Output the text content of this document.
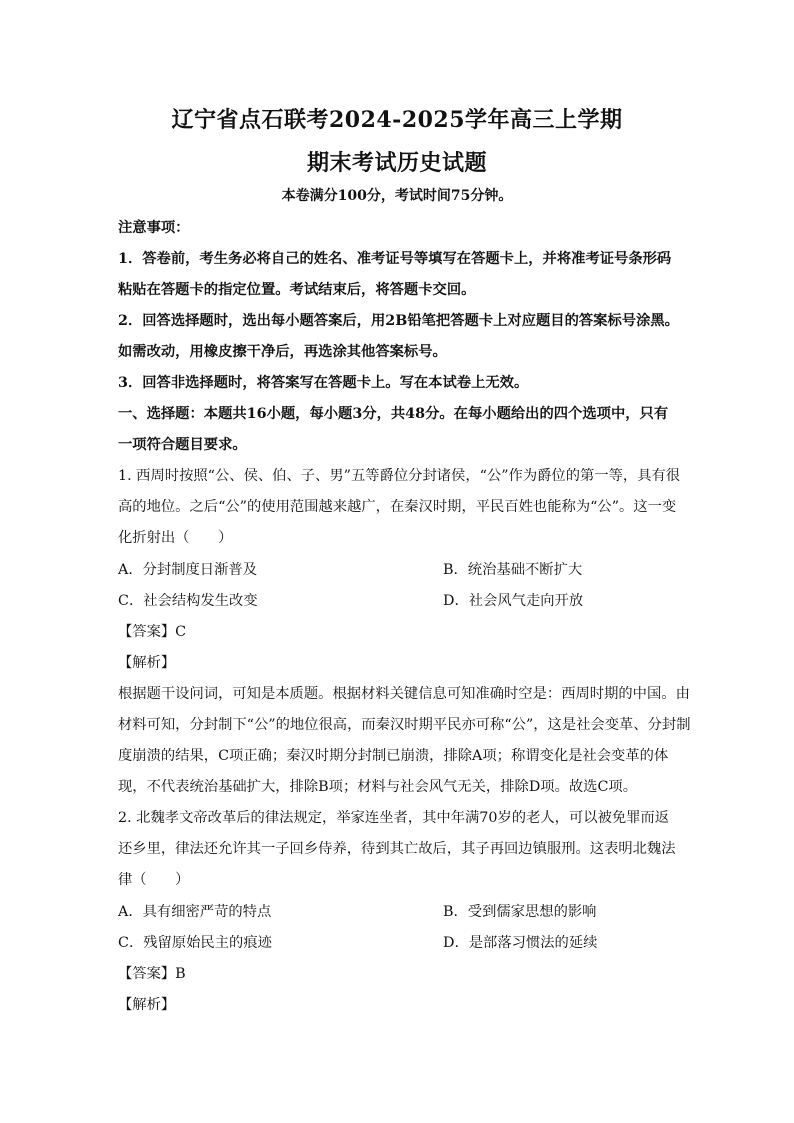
辽宁省点石联考2024-2025学年高三上学期
期末考试历史试题
本卷满分100分，考试时间75分钟。
注意事项：
1．答卷前，考生务必将自己的姓名、准考证号等填写在答题卡上，并将准考证号条形码
粘贴在答题卡的指定位置。考试结束后，将答题卡交回。
2．回答选择题时，选出每小题答案后，用2B铅笔把答题卡上对应题目的答案标号涂黑。
如需改动，用橡皮擦干净后，再选涂其他答案标号。
3．回答非选择题时，将答案写在答题卡上。写在本试卷上无效。
一、选择题：本题共16小题，每小题3分，共48分。在每小题给出的四个选项中，只有
一项符合题目要求。
1. 西周时按照“公、侯、伯、子、男”五等爵位分封诸侯，“公”作为爵位的第一等，具有很
高的地位。之后“公”的使用范围越来越广，在秦汉时期，平民百姓也能称为“公”。这一变
化折射出（　　）
A．分封制度日渐普及	B．统治基础不断扩大
C．社会结构发生改变	D．社会风气走向开放
【答案】C
【解析】
根据题干设问词，可知是本质题。根据材料关键信息可知准确时空是：西周时期的中国。由
材料可知，分封制下“公”的地位很高，而秦汉时期平民亦可称“公”，这是社会变革、分封制
度崩溃的结果，C项正确；秦汉时期分封制已崩溃，排除A项；称谓变化是社会变革的体
现，不代表统治基础扩大，排除B项；材料与社会风气无关，排除D项。故选C项。
2. 北魏孝文帝改革后的律法规定，举家连坐者，其中年满70岁的老人，可以被免罪而返
还乡里，律法还允许其一子回乡侍养，待到其亡故后，其子再回边镇服刑。这表明北魏法
律（　　）
A．具有细密严苛的特点	B．受到儒家思想的影响
C．残留原始民主的痕迹	D．是部落习惯法的延续
【答案】B
【解析】
